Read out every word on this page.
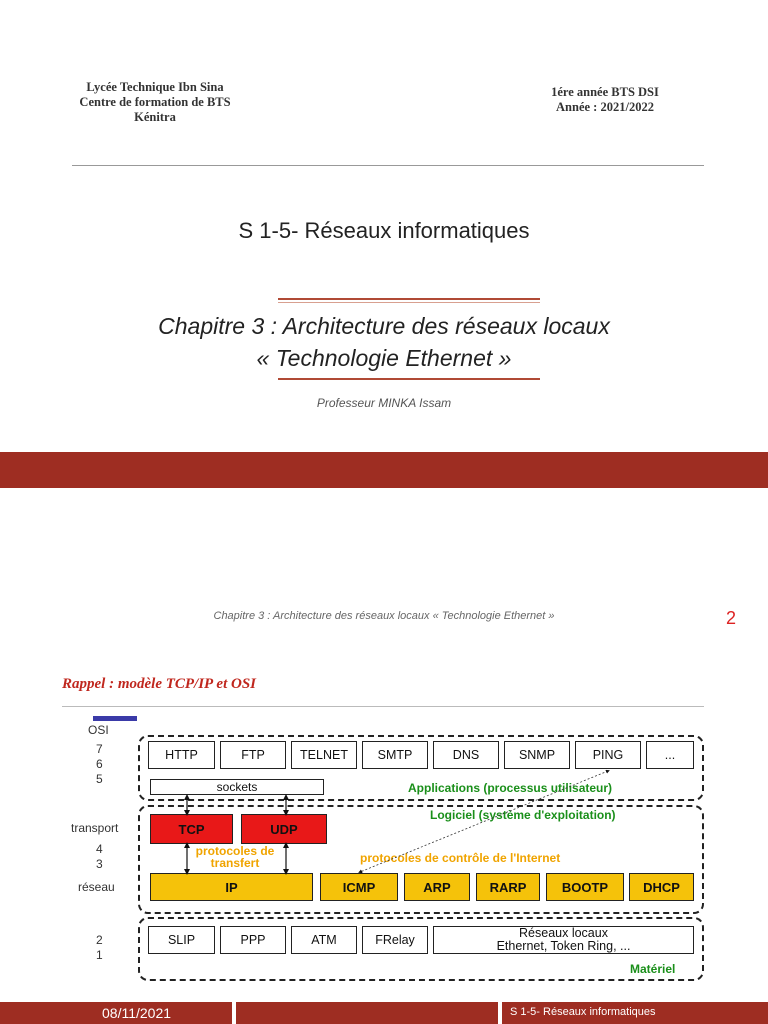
Lycée Technique Ibn Sina
Centre de formation de BTS
Kénitra
1ére année BTS DSI
Année : 2021/2022
S 1-5- Réseaux informatiques
Chapitre 3 : Architecture des réseaux locaux
« Technologie Ethernet »
Professeur MINKA Issam
Chapitre 3 : Architecture des réseaux locaux « Technologie Ethernet »	2
Rappel : modèle TCP/IP et OSI
OSI
7
6
5
transport
4
3
réseau
2
1
HTTP	FTP	TELNET	SMTP	DNS	SNMP	PING	...
sockets	Applications (processus utilisateur)
Logiciel (système d'exploitation)
TCP	UDP
protocoles de
transfert	protocoles de contrôle de l'Internet
IP	ICMP	ARP	RARP	BOOTP	DHCP
SLIP	PPP	ATM	FRelay	Réseaux locaux
Ethernet, Token Ring, ...
Matériel
08/11/2021	S 1-5- Réseaux informatiques
